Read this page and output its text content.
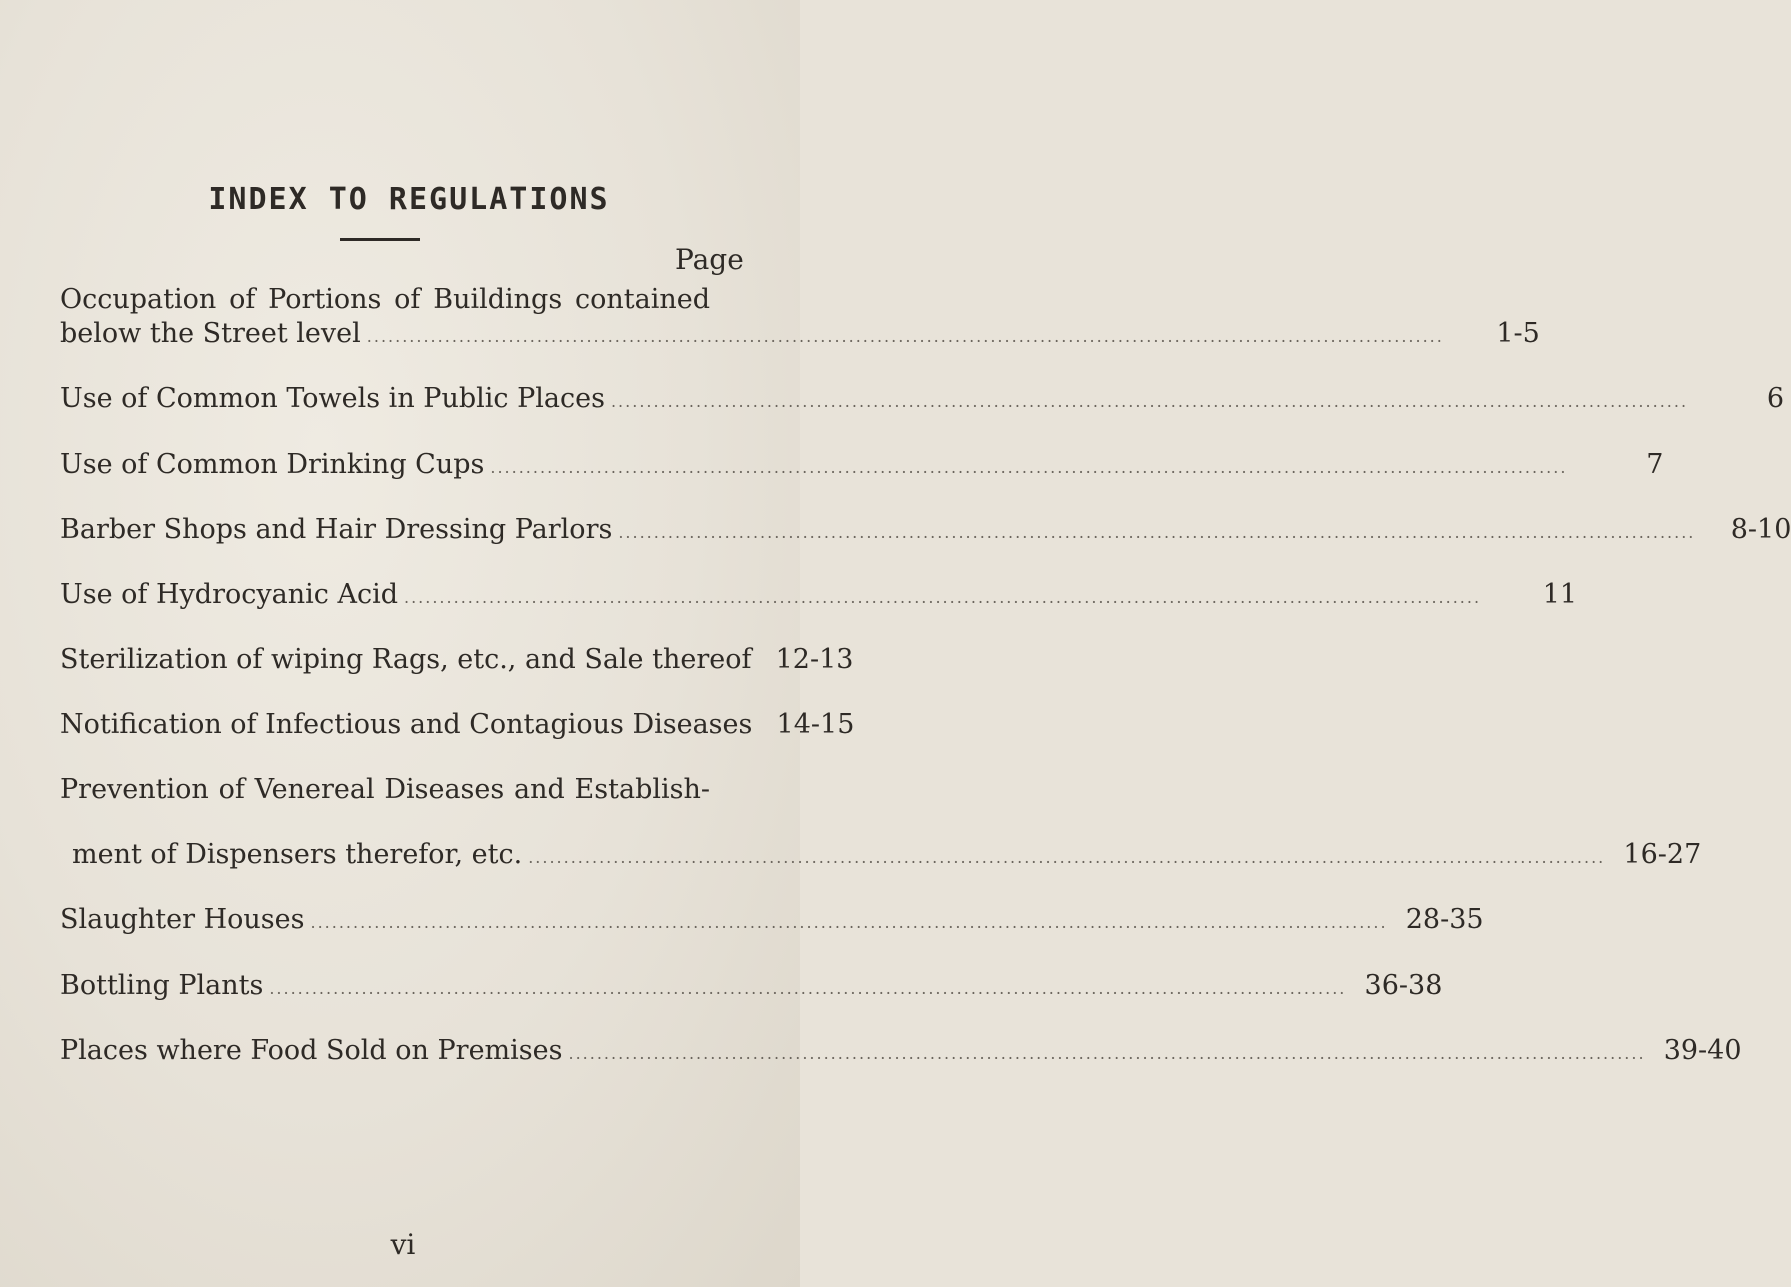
INDEX TO REGULATIONS
Page
Occupation of Portions of Buildings contained
below the Street level .....	1-5
Use of Common Towels in Public Places .....	6
Use of Common Drinking Cups .....	7
Barber Shops and Hair Dressing Parlors .....	8-10
Use of Hydrocyanic Acid .....	11
Sterilization of wiping Rags, etc., and Sale thereof 12-13
Notification of Infectious and Contagious Diseases 14-15
Prevention of Venereal Diseases and Establish-
ment of Dispensers therefor, etc. .....	16-27
Slaughter Houses .....	28-35
Bottling Plants .....	36-38
Places where Food Sold on Premises .....	39-40
vi
